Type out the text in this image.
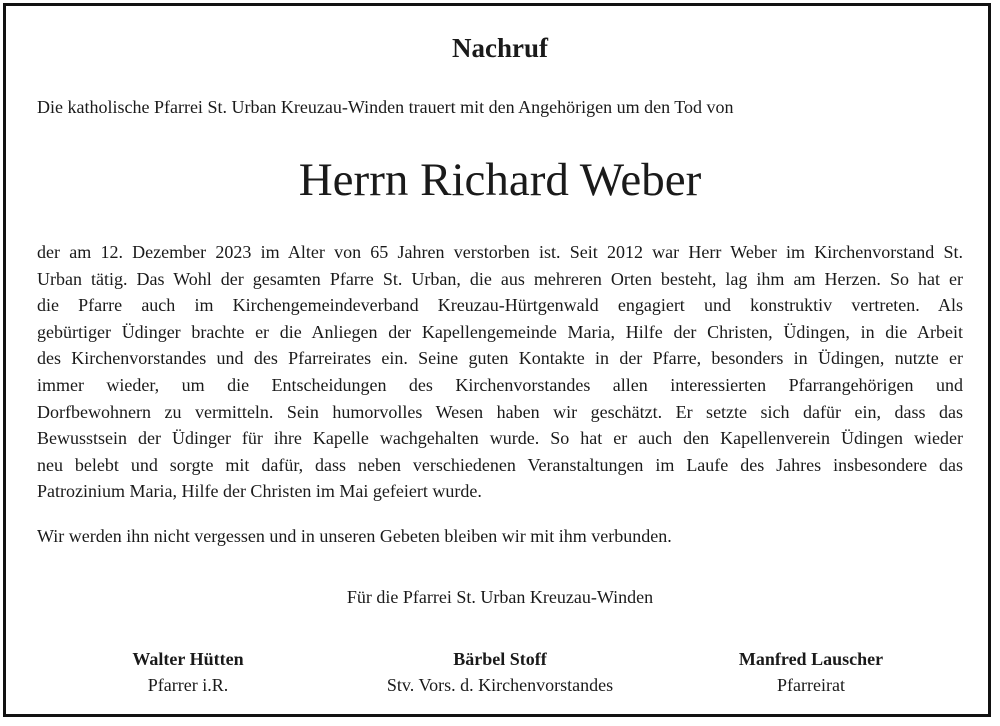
Nachruf
Die katholische Pfarrei St. Urban Kreuzau-Winden trauert mit den Angehörigen um den Tod von
Herrn Richard Weber
der am 12. Dezember 2023 im Alter von 65 Jahren verstorben ist. Seit 2012 war Herr Weber im Kirchenvorstand St.
Urban tätig. Das Wohl der gesamten Pfarre St. Urban, die aus mehreren Orten besteht, lag ihm am Herzen. So hat er
die Pfarre auch im Kirchengemeindeverband Kreuzau-Hürtgenwald engagiert und konstruktiv vertreten. Als
gebürtiger Üdinger brachte er die Anliegen der Kapellengemeinde Maria, Hilfe der Christen, Üdingen, in die Arbeit
des Kirchenvorstandes und des Pfarreirates ein. Seine guten Kontakte in der Pfarre, besonders in Üdingen, nutzte er
immer wieder, um die Entscheidungen des Kirchenvorstandes allen interessierten Pfarrangehörigen und
Dorfbewohnern zu vermitteln. Sein humorvolles Wesen haben wir geschätzt. Er setzte sich dafür ein, dass das
Bewusstsein der Üdinger für ihre Kapelle wachgehalten wurde. So hat er auch den Kapellenverein Üdingen wieder
neu belebt und sorgte mit dafür, dass neben verschiedenen Veranstaltungen im Laufe des Jahres insbesondere das
Patrozinium Maria, Hilfe der Christen im Mai gefeiert wurde.
Wir werden ihn nicht vergessen und in unseren Gebeten bleiben wir mit ihm verbunden.
Für die Pfarrei St. Urban Kreuzau-Winden
Walter Hütten
Pfarrer i.R.
Bärbel Stoff
Stv. Vors. d. Kirchenvorstandes
Manfred Lauscher
Pfarreirat
